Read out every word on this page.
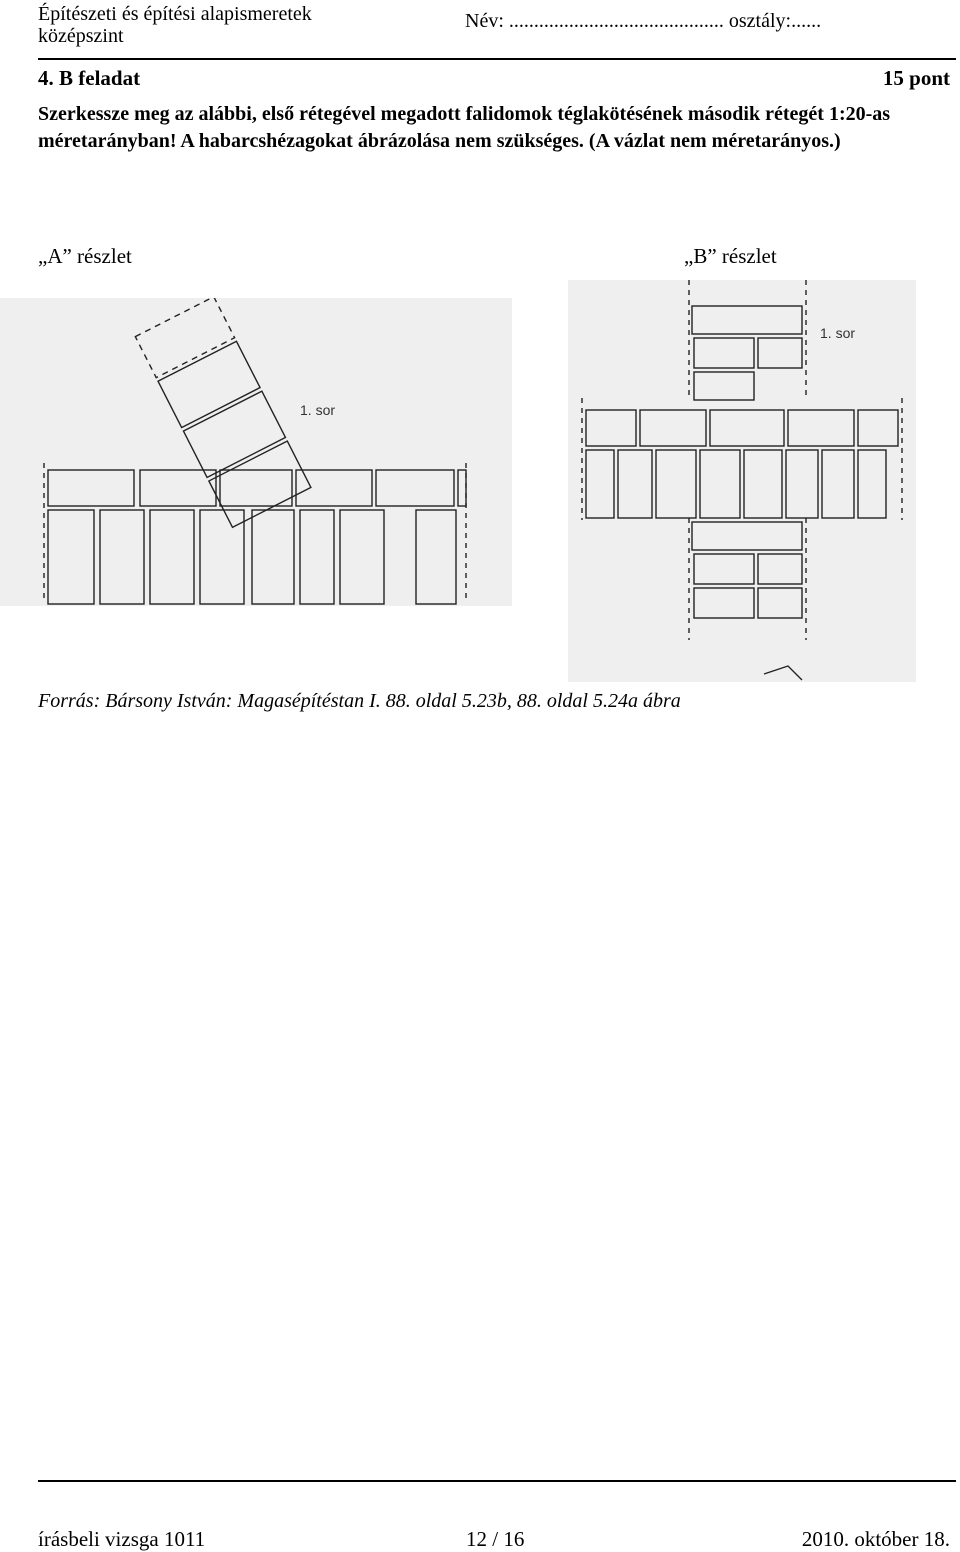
Építészeti és építési alapismeretek
középszint
Név: ........................................... osztály:......
4. B feladat	15 pont
Szerkessze meg az alábbi, első rétegével megadott falidomok téglakötésének második rétegét 1:20-as méretarányban! A habarcshézagokat ábrázolása nem szükséges. (A vázlat nem méretarányos.)
„A” részlet	„B” részlet
1. sor
1. sor
Forrás: Bársony István: Magasépítéstan I. 88. oldal 5.23b, 88. oldal 5.24a ábra
írásbeli vizsga 1011	12 / 16	2010. október 18.
